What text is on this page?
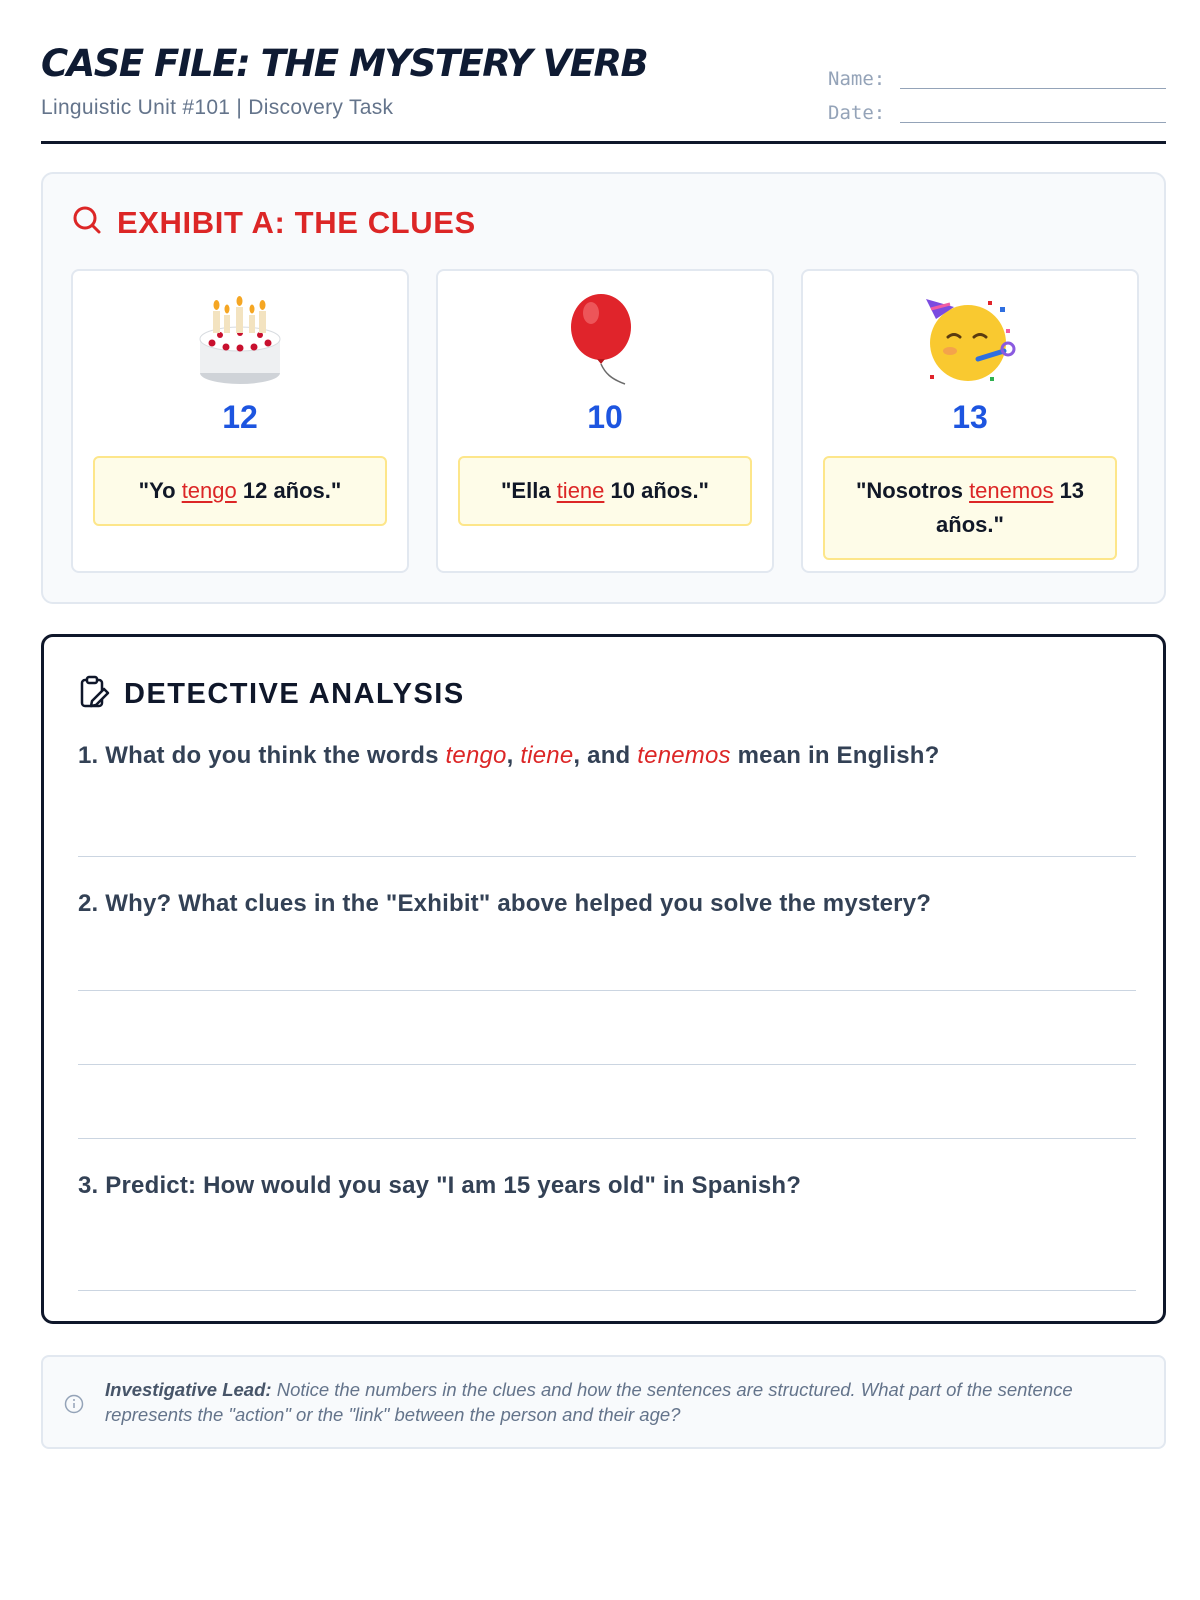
CASE FILE: THE MYSTERY VERB
Linguistic Unit #101 | Discovery Task
Name:
Date:
EXHIBIT A: THE CLUES
12
"Yo tengo 12 años."
10
"Ella tiene 10 años."
13
"Nosotros tenemos 13 años."
DETECTIVE ANALYSIS
1. What do you think the words tengo, tiene, and tenemos mean in English?
2. Why? What clues in the "Exhibit" above helped you solve the mystery?
3. Predict: How would you say "I am 15 years old" in Spanish?
Investigative Lead: Notice the numbers in the clues and how the sentences are structured. What part of the sentence represents the "action" or the "link" between the person and their age?
